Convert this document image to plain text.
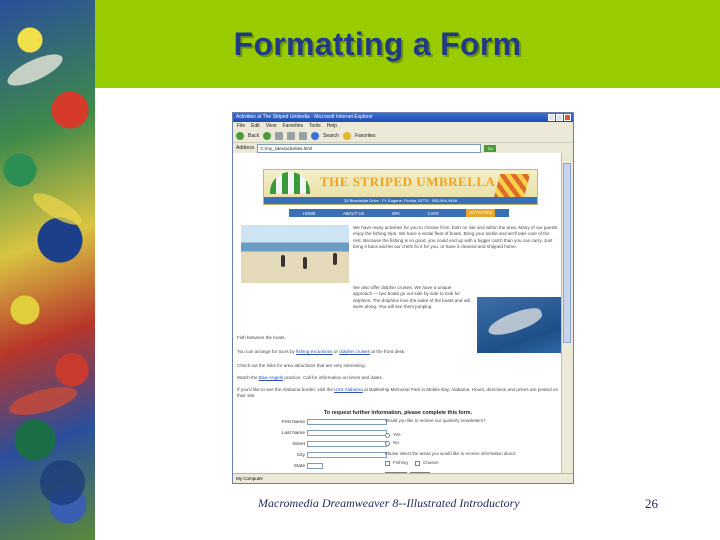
Formatting a Form
Activities at The Striped Umbrella - Microsoft Internet Explorer
File Edit View Favorites Tools Help
Back	Search	Favorites
Address	C:\my_sites\activities.html	Go
THE STRIPED UMBRELLA
25 Beachside Drive · Ft. Eugene, Florida 33775 · 555-594-9458
HOME	ABOUT US	SPA	CAFE	ACTIVITIES
We have many activities for you to choose from, both on site and within the area. Many of our guests enjoy the fishing trips. We have a rental fleet of boats. Bring your tackle and we'll take care of the rest. Because the fishing is so good, you could end up with a bigger catch than you can carry. Just bring it back and let our chefs fix it for you, or have it cleaned and shipped home.
We also offer dolphin cruises. We have a unique approach — two boats go out side by side to look for dolphins. The dolphins love the wake of the boats and will swim along. You will see them jumping
Fish between the boats.
You can arrange for tours by fishing excursions or dolphin cruises at the front desk.
Check out the links for area attractions that are very interesting.
Watch the Blue Angels practice. Call for information on times and dates.
If you'd like to see the Alabama border, visit the USS Alabama at Battleship Memorial Park in Mobile Bay, Alabama. Hours, directions and prices are posted on their site.
To request further information, please complete this form.
First Name
Last Name
Street
City
State
Would you like to receive our quarterly newsletters?
Yes
No
Please select the areas you would like to receive information about:
Fishing	Cruises
My Computer
Macromedia Dreamweaver 8--Illustrated Introductory	26
